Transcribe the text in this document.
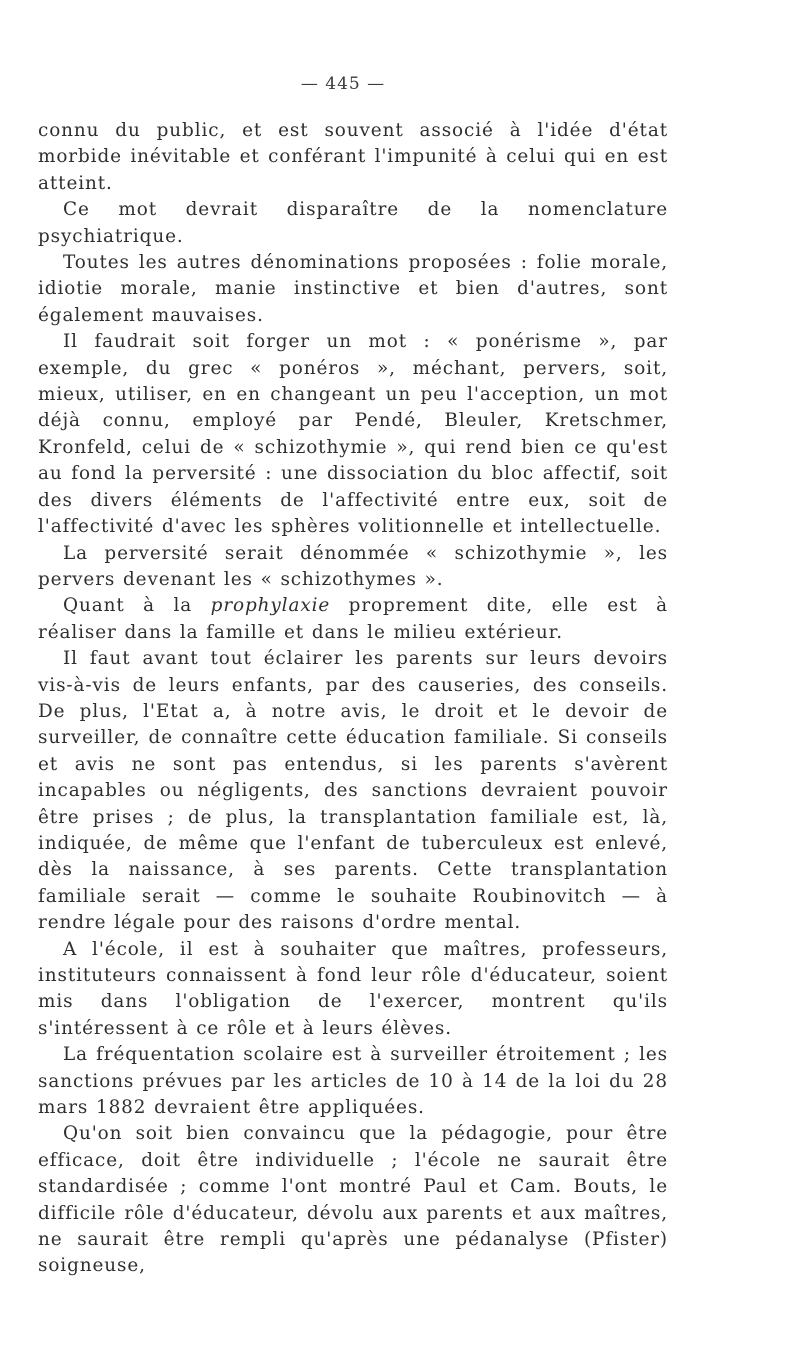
— 445 —

connu du public, et est souvent associé à l'idée d'état morbide inévitable et conférant l'impunité à celui qui en est atteint.

Ce mot devrait disparaître de la nomenclature psychiatrique.

Toutes les autres dénominations proposées : folie morale, idiotie morale, manie instinctive et bien d'autres, sont également mauvaises.

Il faudrait soit forger un mot : « ponérisme », par exemple, du grec « ponéros », méchant, pervers, soit, mieux, utiliser, en en changeant un peu l'acception, un mot déjà connu, employé par Pendé, Bleuler, Kretschmer, Kronfeld, celui de « schizothymie », qui rend bien ce qu'est au fond la perversité : une dissociation du bloc affectif, soit des divers éléments de l'affectivité entre eux, soit de l'affectivité d'avec les sphères volitionnelle et intellectuelle.

La perversité serait dénommée « schizothymie », les pervers devenant les « schizothymes ».

Quant à la prophylaxie proprement dite, elle est à réaliser dans la famille et dans le milieu extérieur.

Il faut avant tout éclairer les parents sur leurs devoirs vis-à-vis de leurs enfants, par des causeries, des conseils. De plus, l'Etat a, à notre avis, le droit et le devoir de surveiller, de connaître cette éducation familiale. Si conseils et avis ne sont pas entendus, si les parents s'avèrent incapables ou négligents, des sanctions devraient pouvoir être prises ; de plus, la transplantation familiale est, là, indiquée, de même que l'enfant de tuberculeux est enlevé, dès la naissance, à ses parents. Cette transplantation familiale serait — comme le souhaite Roubinovitch — à rendre légale pour des raisons d'ordre mental.

A l'école, il est à souhaiter que maîtres, professeurs, instituteurs connaissent à fond leur rôle d'éducateur, soient mis dans l'obligation de l'exercer, montrent qu'ils s'intéressent à ce rôle et à leurs élèves.

La fréquentation scolaire est à surveiller étroitement ; les sanctions prévues par les articles de 10 à 14 de la loi du 28 mars 1882 devraient être appliquées.

Qu'on soit bien convaincu que la pédagogie, pour être efficace, doit être individuelle ; l'école ne saurait être standardisée ; comme l'ont montré Paul et Cam. Bouts, le difficile rôle d'éducateur, dévolu aux parents et aux maîtres, ne saurait être rempli qu'après une pédanalyse (Pfister) soigneuse,
